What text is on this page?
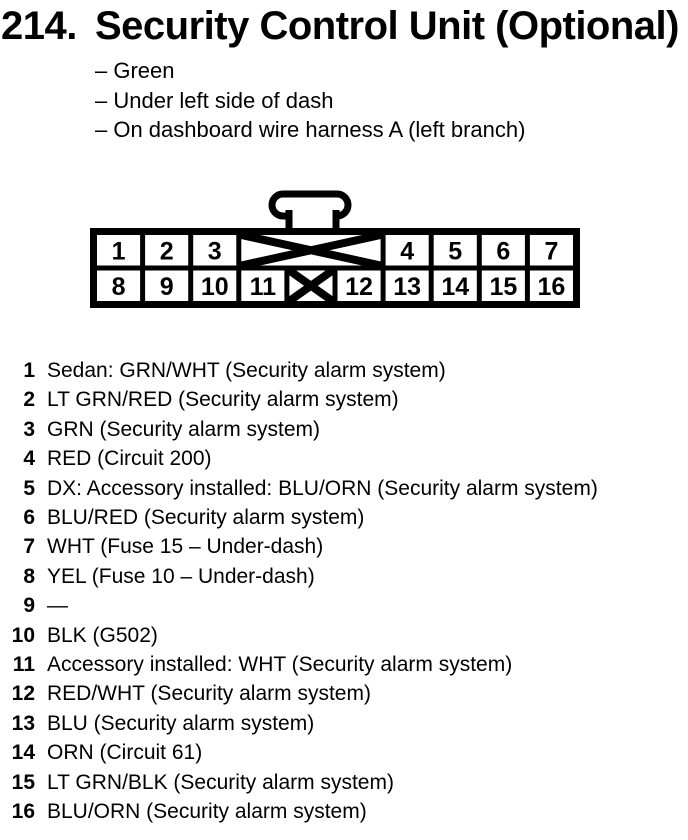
214. Security Control Unit (Optional)
– Green
– Under left side of dash
– On dashboard wire harness A (left branch)
1 2 3	4 5 6 7
8 9 10 11	12 13 14 15 16
1 Sedan: GRN/WHT (Security alarm system)
2 LT GRN/RED (Security alarm system)
3 GRN (Security alarm system)
4 RED (Circuit 200)
5 DX: Accessory installed: BLU/ORN (Security alarm system)
6 BLU/RED (Security alarm system)
7 WHT (Fuse 15 – Under-dash)
8 YEL (Fuse 10 – Under-dash)
9 —
10 BLK (G502)
11 Accessory installed: WHT (Security alarm system)
12 RED/WHT (Security alarm system)
13 BLU (Security alarm system)
14 ORN (Circuit 61)
15 LT GRN/BLK (Security alarm system)
16 BLU/ORN (Security alarm system)
